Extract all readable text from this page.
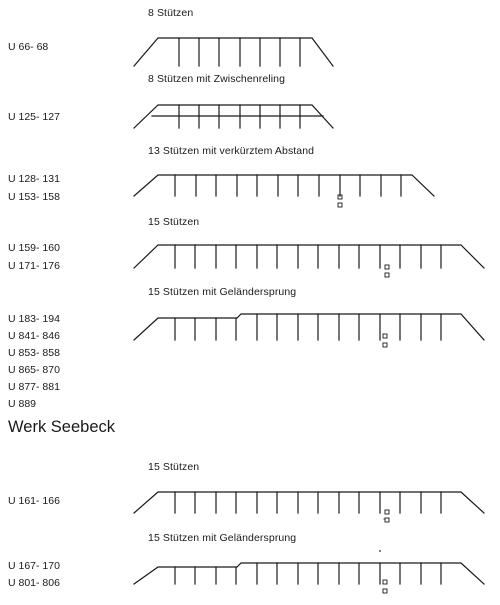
8 Stützen
8 Stützen mit Zwischenreling
13 Stützen mit verkürztem Abstand
15 Stützen
15 Stützen mit Geländersprung
15 Stützen
15 Stützen mit Geländersprung
U 66- 68
U 125- 127
U 128- 131
U 153- 158
U 159- 160
U 171- 176
U 183- 194
U 841- 846
U 853- 858
U 865- 870
U 877- 881
U 889
Werk Seebeck
U 161- 166
U 167- 170
U 801- 806
